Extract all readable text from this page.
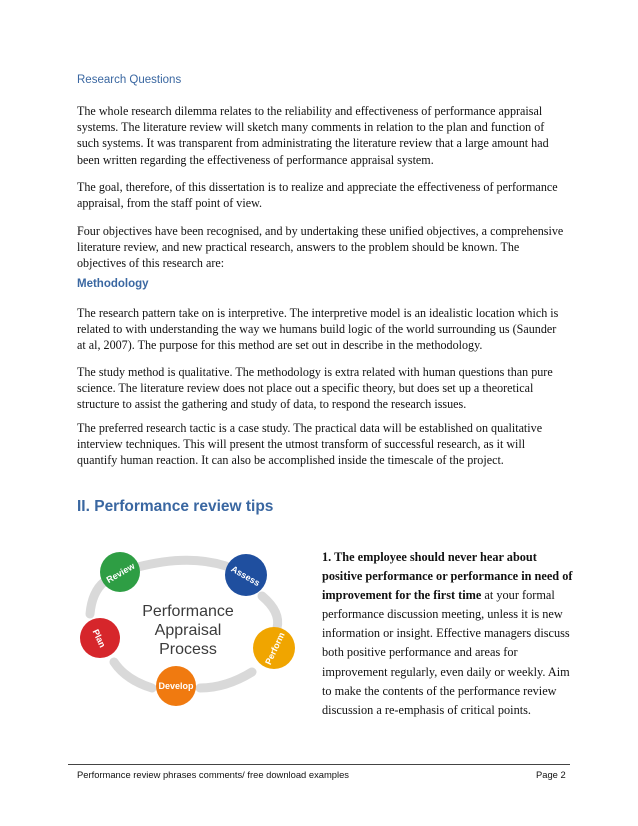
Research Questions

The whole research dilemma relates to the reliability and effectiveness of performance appraisal systems. The literature review will sketch many comments in relation to the plan and function of such systems. It was transparent from administrating the literature review that a large amount had been written regarding the effectiveness of performance appraisal system.

The goal, therefore, of this dissertation is to realize and appreciate the effectiveness of performance appraisal, from the staff point of view.

Four objectives have been recognised, and by undertaking these unified objectives, a comprehensive literature review, and new practical research, answers to the problem should be known. The objectives of this research are:

Methodology

The research pattern take on is interpretive. The interpretive model is an idealistic location which is related to with understanding the way we humans build logic of the world surrounding us (Saunder at al, 2007). The purpose for this method are set out in describe in the methodology.

The study method is qualitative. The methodology is extra related with human questions than pure science. The literature review does not place out a specific theory, but does set up a theoretical structure to assist the gathering and study of data, to respond the research issues.

The preferred research tactic is a case study. The practical data will be established on qualitative interview techniques. This will present the utmost transform of successful research, as it will quantify human reaction. It can also be accomplished inside the timescale of the project.

II. Performance review tips
Review	Assess
Perform
Develop
Plan
Performance
Appraisal
Process

1. The employee should never hear about positive performance or performance in need of improvement for the first time at your formal performance discussion meeting, unless it is new information or insight. Effective managers discuss both positive performance and areas for improvement regularly, even daily or weekly. Aim to make the contents of the performance review discussion a re-emphasis of critical points.

Performance review phrases comments/ free download examples	Page 2
